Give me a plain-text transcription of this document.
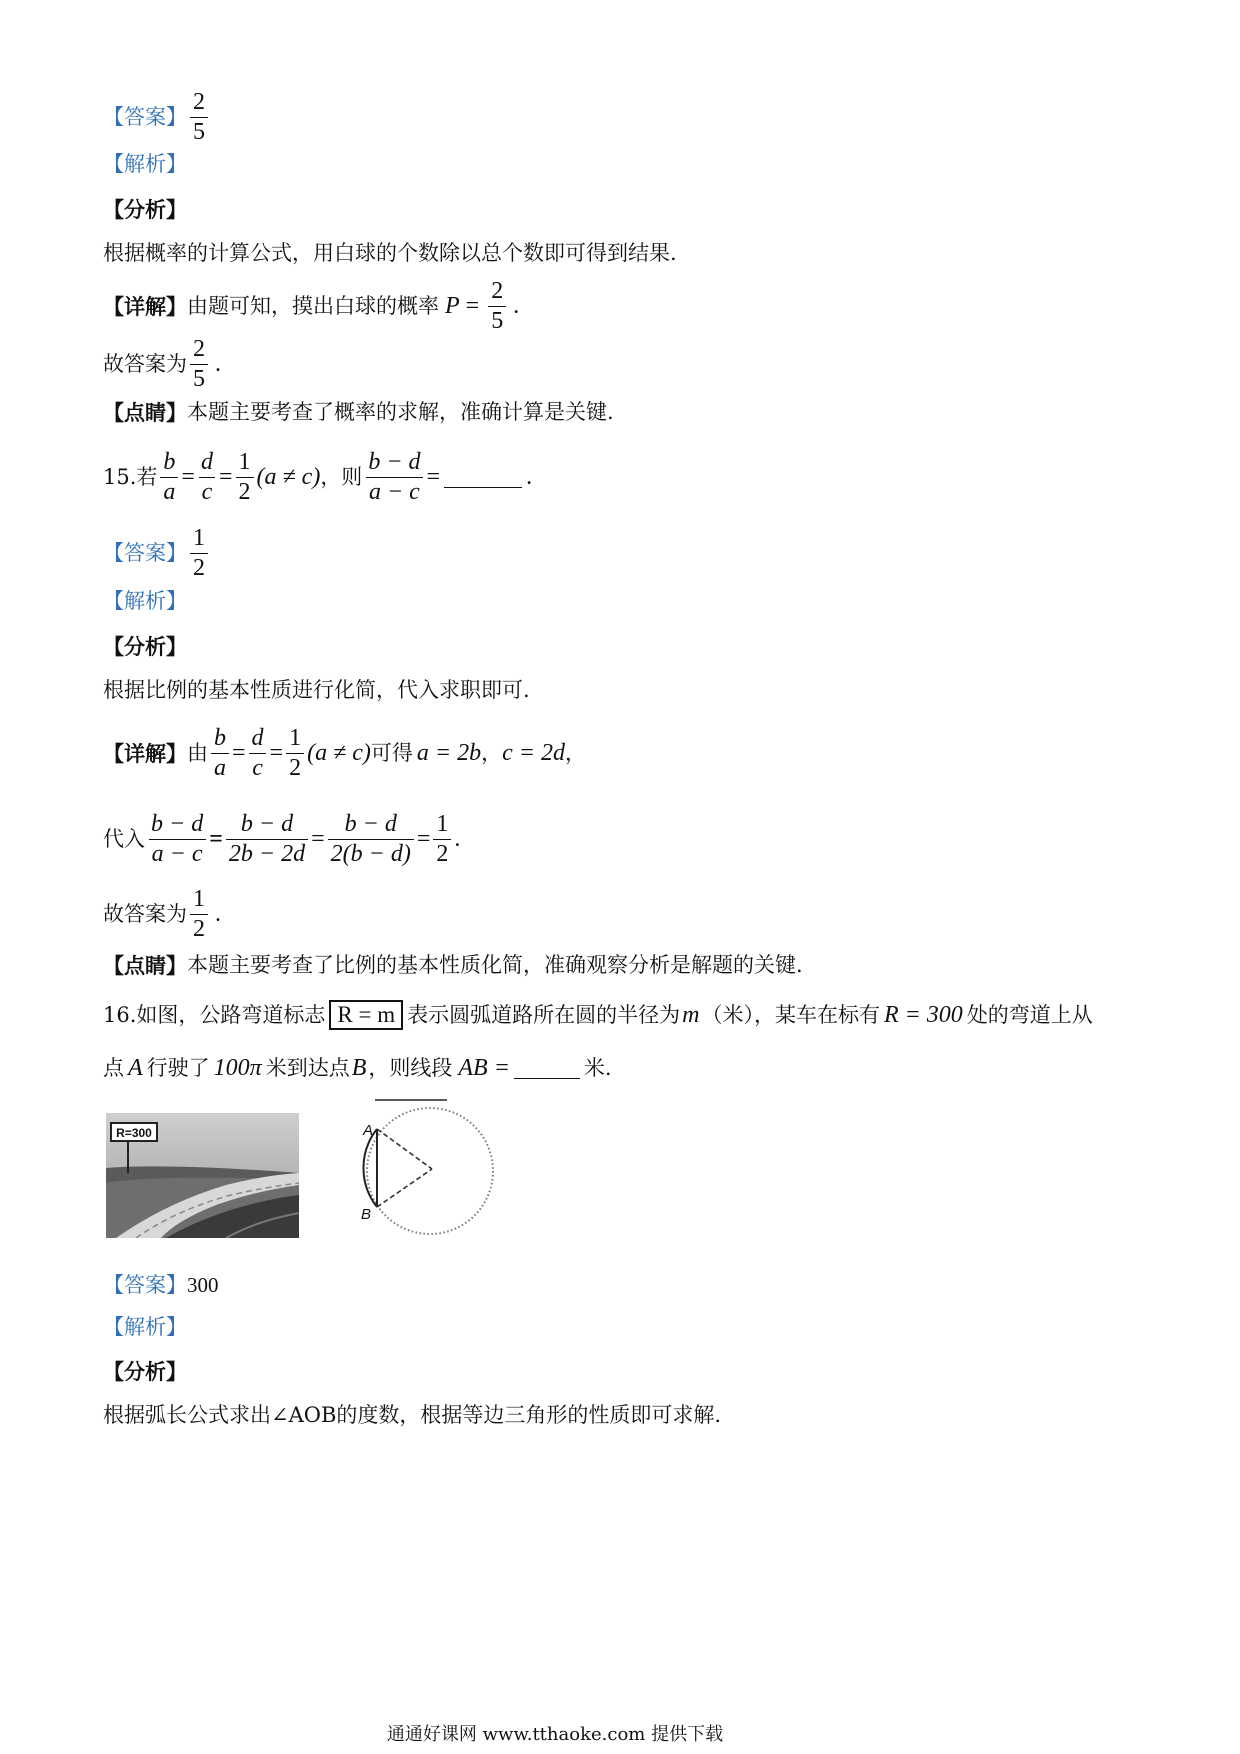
【答案】 $\frac{2}{5}$
【解析】
【分析】
根据概率的计算公式，用白球的个数除以总个数即可得到结果.
【详解】 由题可知，摸出白球的概率 $P = \frac{2}{5}$ .
故答案为 $\frac{2}{5}$ .
【点睛】 本题主要考查了概率的求解，准确计算是关键.
15.若 $\frac{b}{a} = \frac{d}{c} = \frac{1}{2} (a \ne c)$ ，则 $\frac{b - d}{a - c}$ =	.
【答案】 $\frac{1}{2}$
【解析】
【分析】
根据比例的基本性质进行化简，代入求职即可.
【详解】 由 $\frac{b}{a} = \frac{d}{c} = \frac{1}{2} (a \ne c)$ 可得 a = 2b ， c = 2d ，
代入 $\frac{b - d}{a - c} = \frac{b - d}{2b - 2d} = \frac{b - d}{2(b - d)} = \frac{1}{2}$ .
故答案为 $\frac{1}{2}$ .
【点睛】 本题主要考查了比例的基本性质化简，准确观察分析是解题的关键.
16.如图，公路弯道标志 R = m 表示圆弧道路所在圆的半径为 m （米），某车在标有 R = 300 处的弯道上从
点 A 行驶了 100π 米到达点 B ，则线段 AB =	米.
R=300	A
B
【答案】 300
【解析】
【分析】
根据弧长公式求出∠AOB的度数，根据等边三角形的性质即可求解.
通通好课网 www.tthaoke.com 提供下载
